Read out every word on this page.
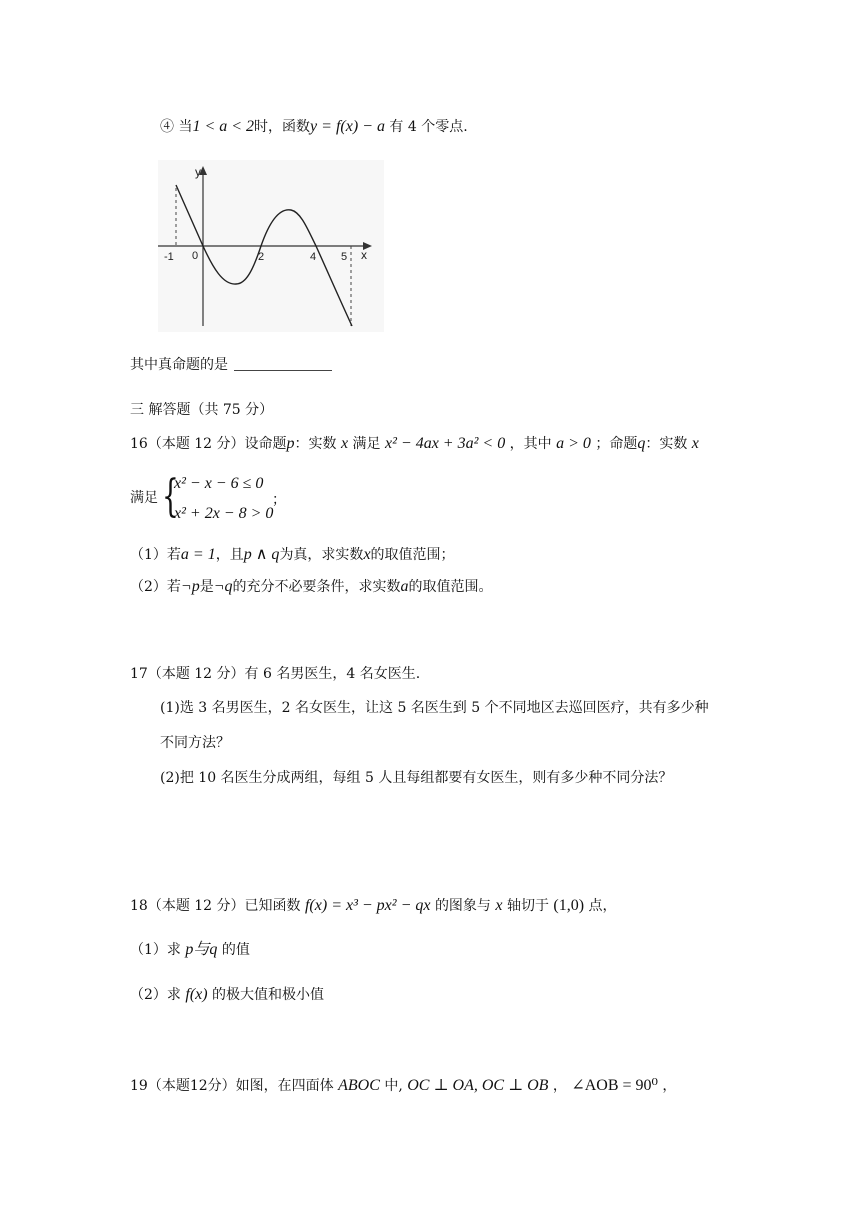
④ 当1 < a < 2时，函数y = f(x) − a 有 4 个零点.
y
x
-1 0	2	4 5
其中真命题的是
三 解答题（共 75 分）
16（本题 12 分）设命题p：实数 x 满足 x² − 4ax + 3a² < 0 ，其中 a > 0 ；命题q：实数 x
满足 {
x² − x − 6 ≤ 0
x² + 2x − 8 > 0
；
（1）若a = 1，且p ∧ q为真，求实数x的取值范围；
（2）若¬p是¬q的充分不必要条件，求实数a的取值范围。
17（本题 12 分）有 6 名男医生，4 名女医生.
(1)选 3 名男医生，2 名女医生，让这 5 名医生到 5 个不同地区去巡回医疗，共有多少种
不同方法？
(2)把 10 名医生分成两组，每组 5 人且每组都要有女医生，则有多少种不同分法？
18（本题 12 分）已知函数 f(x) = x³ − px² − qx 的图象与 x 轴切于 (1,0) 点，
（1）求 p与q 的值
（2）求 f(x) 的极大值和极小值
19（本题12分）如图，在四面体 ABOC 中, OC ⊥ OA, OC ⊥ OB ， ∠AOB = 90⁰ ，
